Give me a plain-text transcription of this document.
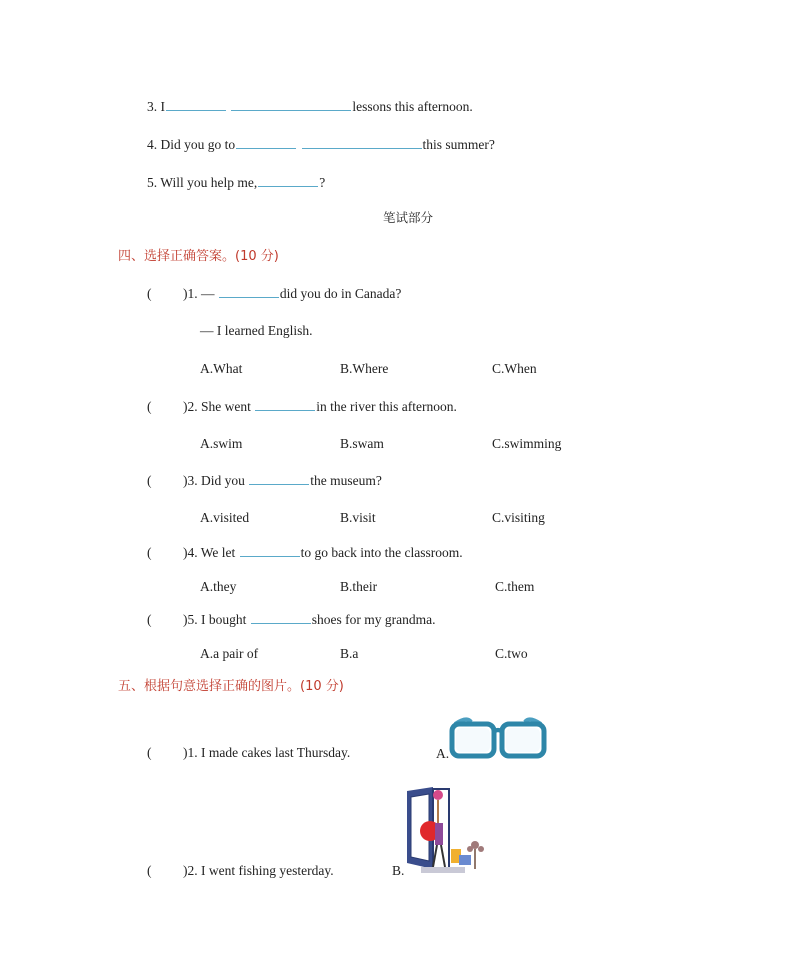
3. I	lessons this afternoon.
4. Did you go to	this summer?
5. Will you help me,	?
笔试部分
四、选择正确答案。(10 分)
( )1. —	did you do in Canada?
— I learned English.
A.What	B.Where	C.When
( )2. She went	in the river this afternoon.
A.swim	B.swam	C.swimming
( )3. Did you	the museum?
A.visited	B.visit	C.visiting
( )4. We let	to go back into the classroom.
A.they	B.their	C.them
( )5. I bought	shoes for my grandma.
A.a pair of	B.a	C.two
五、根据句意选择正确的图片。(10 分)
( )1. I made cakes last Thursday.	A.
( )2. I went fishing yesterday.	B.
